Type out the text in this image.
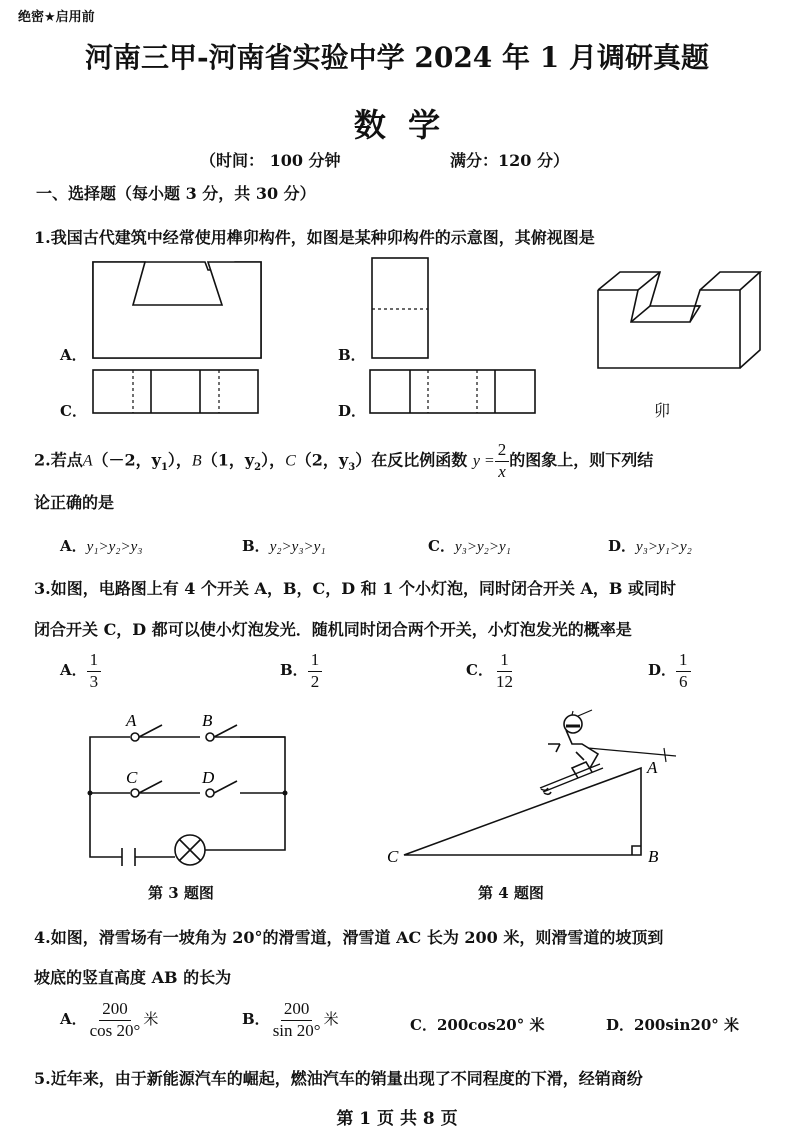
绝密★启用前
河南三甲-河南省实验中学 2024 年 1 月调研真题
数  学
（时间： 100 分钟	满分：120 分）
一、选择题（每小题 3 分，共 30 分）
1.我国古代建筑中经常使用榫卯构件，如图是某种卯构件的示意图，其俯视图是
A．	B．
C．	D．	卯
2.若点A（－2，$y_1$），B（1，$y_2$），C（2，$y_3$）在反比例函数 $y = \frac{2}{x}$ 的图象上，则下列结
论正确的是
A．y₁>y₂>y₃	B．y₂>y₃>y₁	C．y₃>y₂>y₁	D．y₃>y₁>y₂
3.如图，电路图上有 4 个开关 A，B，C，D 和 1 个小灯泡，同时闭合开关 A，B 或同时
闭合开关 C，D 都可以使小灯泡发光．随机同时闭合两个开关，小灯泡发光的概率是
A． $\frac{1}{3}$	B． $\frac{1}{2}$	C． $\frac{1}{12}$	D． $\frac{1}{6}$
A	B
C	D
第 3 题图
A
B
C
第 4 题图
4.如图，滑雪场有一坡角为 20°的滑雪道，滑雪道 AC 长为 200 米，则滑雪道的坡顶到
坡底的竖直高度 AB 的长为
A． $\frac{200}{\cos 20^\circ}$ 米	B． $\frac{200}{\sin 20^\circ}$ 米	C．200cos20° 米	D．200sin20° 米
5.近年来，由于新能源汽车的崛起，燃油汽车的销量出现了不同程度的下滑，经销商纷
第 1 页 共 8 页
